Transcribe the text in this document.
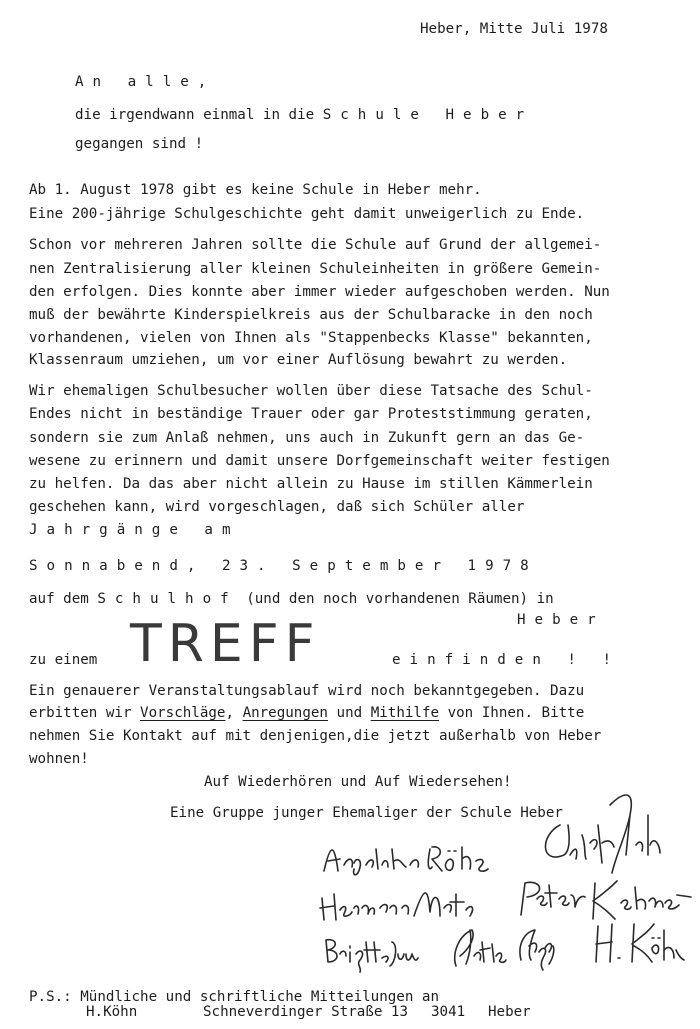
Heber, Mitte Juli 1978
An alle,
die irgendwann einmal in die Schule Heber
gegangen sind !
Ab 1. August 1978 gibt es keine Schule in Heber mehr.
Eine 200-jährige Schulgeschichte geht damit unweigerlich zu Ende.
Schon vor mehreren Jahren sollte die Schule auf Grund der allgemei-
nen Zentralisierung aller kleinen Schuleinheiten in größere Gemein-
den erfolgen. Dies konnte aber immer wieder aufgeschoben werden. Nun
muß der bewährte Kinderspielkreis aus der Schulbaracke in den noch
vorhandenen, vielen von Ihnen als "Stappenbecks Klasse" bekannten,
Klassenraum umziehen, um vor einer Auflösung bewahrt zu werden.
Wir ehemaligen Schulbesucher wollen über diese Tatsache des Schul-
Endes nicht in beständige Trauer oder gar Proteststimmung geraten,
sondern sie zum Anlaß nehmen, uns auch in Zukunft gern an das Ge-
wesene zu erinnern und damit unsere Dorfgemeinschaft weiter festigen
zu helfen. Da das aber nicht allein zu Hause im stillen Kämmerlein
geschehen kann, wird vorgeschlagen, daß sich Schüler aller
Jahrgänge am
Sonnabend, 23. September 1978
auf dem Schulhof (und den noch vorhandenen Räumen) in
Heber
zu einem TREFF	einfinden ! !
Ein genauerer Veranstaltungsablauf wird noch bekanntgegeben. Dazu
erbitten wir Vorschläge, Anregungen und Mithilfe von Ihnen. Bitte
nehmen Sie Kontakt auf mit denjenigen,die jetzt außerhalb von Heber
wohnen!
Auf Wiederhören und Auf Wiedersehen!
Eine Gruppe junger Ehemaliger der Schule Heber
P.S.: Mündliche und schriftliche Mitteilungen an
H.Köhn	Schneverdinger Straße 13 3041 Heber
